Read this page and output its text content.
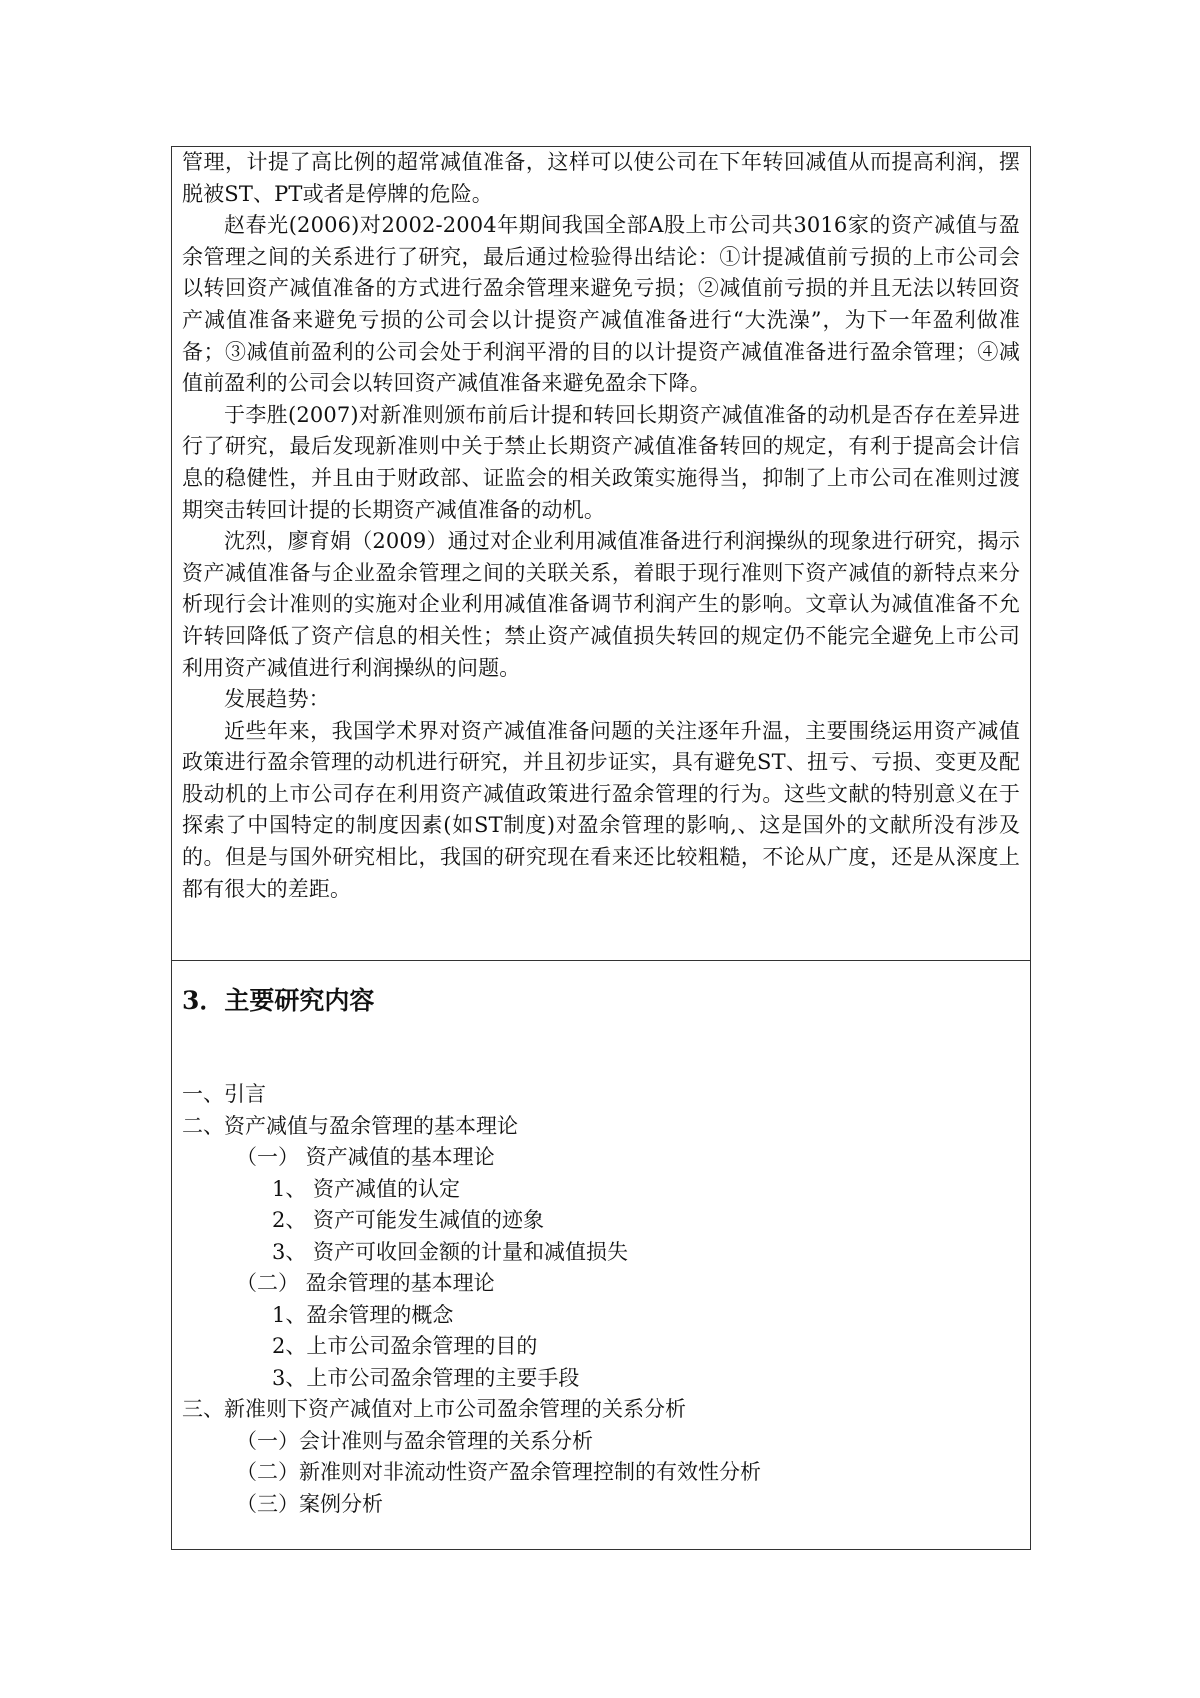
管理，计提了高比例的超常减值准备，这样可以使公司在下年转回减值从而提高利润，摆脱被ST、PT或者是停牌的危险。

赵春光(2006)对2002-2004年期间我国全部A股上市公司共3016家的资产减值与盈余管理之间的关系进行了研究，最后通过检验得出结论：①计提减值前亏损的上市公司会以转回资产减值准备的方式进行盈余管理来避免亏损；②减值前亏损的并且无法以转回资产减值准备来避免亏损的公司会以计提资产减值准备进行“大洗澡”，为下一年盈利做准备；③减值前盈利的公司会处于利润平滑的目的以计提资产减值准备进行盈余管理；④减值前盈利的公司会以转回资产减值准备来避免盈余下降。

于李胜(2007)对新准则颁布前后计提和转回长期资产减值准备的动机是否存在差异进行了研究，最后发现新准则中关于禁止长期资产减值准备转回的规定，有利于提高会计信息的稳健性，并且由于财政部、证监会的相关政策实施得当，抑制了上市公司在准则过渡期突击转回计提的长期资产减值准备的动机。

沈烈，廖育娟（2009）通过对企业利用减值准备进行利润操纵的现象进行研究，揭示资产减值准备与企业盈余管理之间的关联关系，着眼于现行准则下资产减值的新特点来分析现行会计准则的实施对企业利用减值准备调节利润产生的影响。文章认为减值准备不允许转回降低了资产信息的相关性；禁止资产减值损失转回的规定仍不能完全避免上市公司利用资产减值进行利润操纵的问题。

发展趋势：

近些年来，我国学术界对资产减值准备问题的关注逐年升温，主要围绕运用资产减值政策进行盈余管理的动机进行研究，并且初步证实，具有避免ST、扭亏、亏损、变更及配股动机的上市公司存在利用资产减值政策进行盈余管理的行为。这些文献的特别意义在于探索了中国特定的制度因素(如ST制度)对盈余管理的影响,、这是国外的文献所没有涉及的。但是与国外研究相比，我国的研究现在看来还比较粗糙，不论从广度，还是从深度上都有很大的差距。

3．主要研究内容
一、引言
二、资产减值与盈余管理的基本理论
（一） 资产减值的基本理论
1、 资产减值的认定
2、 资产可能发生减值的迹象
3、 资产可收回金额的计量和减值损失
（二） 盈余管理的基本理论
1、盈余管理的概念
2、上市公司盈余管理的目的
3、上市公司盈余管理的主要手段
三、新准则下资产减值对上市公司盈余管理的关系分析
（一）会计准则与盈余管理的关系分析
（二）新准则对非流动性资产盈余管理控制的有效性分析
（三）案例分析
